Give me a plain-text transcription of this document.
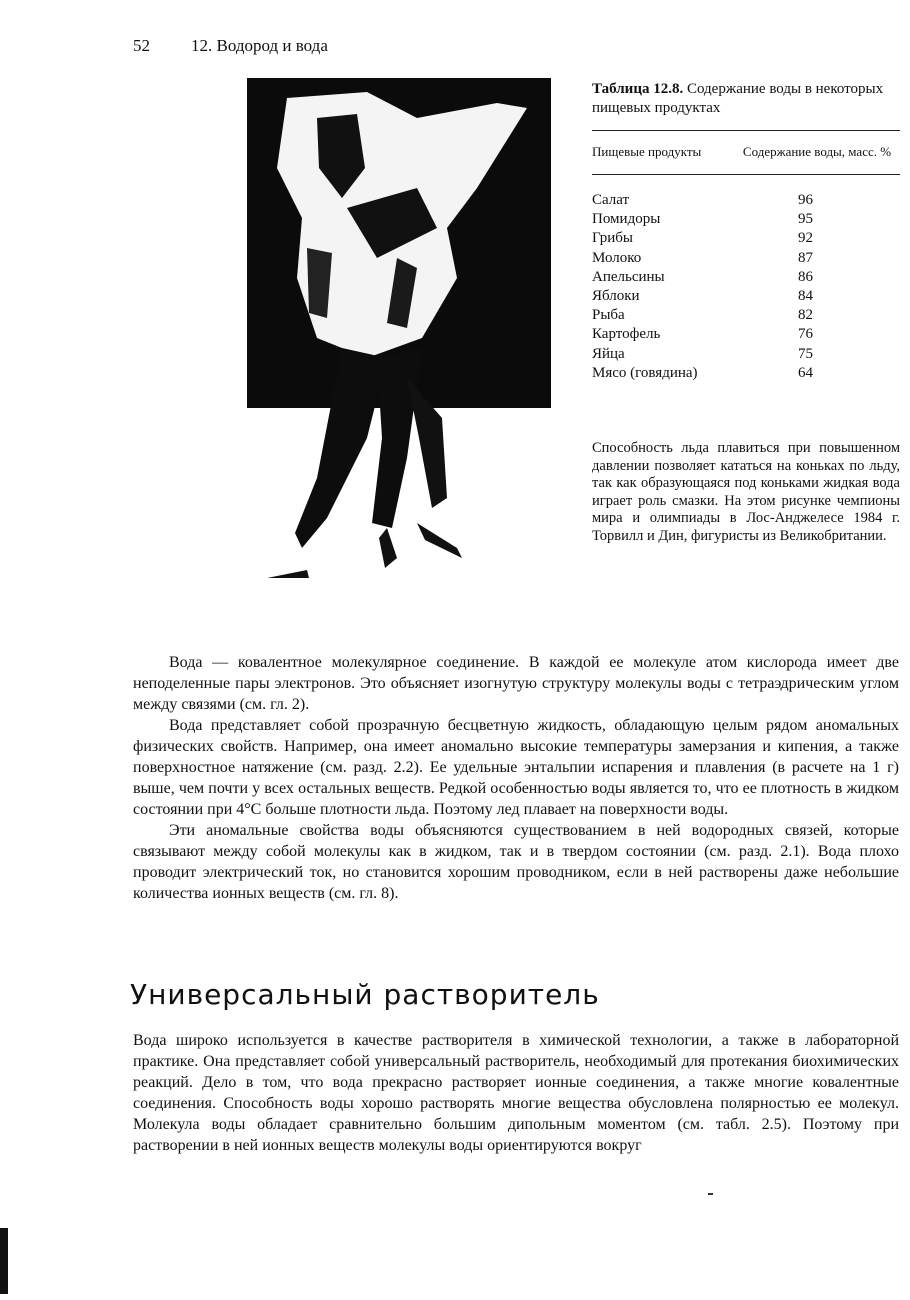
52 12. Водород и вода
Таблица 12.8. Содержание воды в некоторых пищевых продуктах
Пищевые продукты	Содержание воды, масс. %
Салат	96
Помидоры	95
Грибы	92
Молоко	87
Апельсины	86
Яблоки	84
Рыба	82
Картофель	76
Яйца	75
Мясо (говядина)	64
Способность льда плавиться при повышенном давлении позволяет кататься на коньках по льду, так как образующаяся под коньками жидкая вода играет роль смазки. На этом рисунке чемпионы мира и олимпиады в Лос-Анджелесе 1984 г. Торвилл и Дин, фигуристы из Великобритании.

Вода — ковалентное молекулярное соединение. В каждой ее молекуле атом кислорода имеет две неподеленные пары электронов. Это объясняет изогнутую структуру молекулы воды с тетраэдрическим углом между связями (см. гл. 2).

Вода представляет собой прозрачную бесцветную жидкость, обладающую целым рядом аномальных физических свойств. Например, она имеет аномально высокие температуры замерзания и кипения, а также поверхностное натяжение (см. разд. 2.2). Ее удельные энтальпии испарения и плавления (в расчете на 1 г) выше, чем почти у всех остальных веществ. Редкой особенностью воды является то, что ее плотность в жидком состоянии при 4°С больше плотности льда. Поэтому лед плавает на поверхности воды.

Эти аномальные свойства воды объясняются существованием в ней водородных связей, которые связывают между собой молекулы как в жидком, так и в твердом состоянии (см. разд. 2.1). Вода плохо проводит электрический ток, но становится хорошим проводником, если в ней растворены даже небольшие количества ионных веществ (см. гл. 8).

Универсальный растворитель

Вода широко используется в качестве растворителя в химической технологии, а также в лабораторной практике. Она представляет собой универсальный растворитель, необходимый для протекания биохимических реакций. Дело в том, что вода прекрасно растворяет ионные соединения, а также многие ковалентные соединения. Способность воды хорошо растворять многие вещества обусловлена полярностью ее молекул. Молекула воды обладает сравнительно большим дипольным моментом (см. табл. 2.5). Поэтому при растворении в ней ионных веществ молекулы воды ориентируются вокруг
